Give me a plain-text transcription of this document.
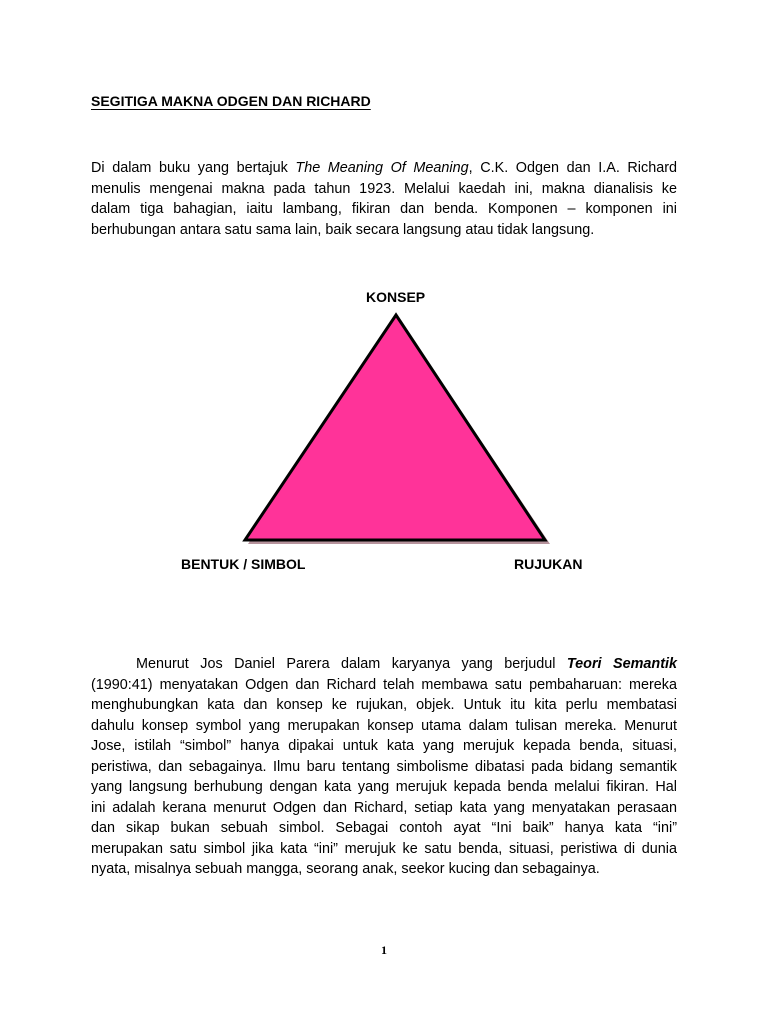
SEGITIGA MAKNA ODGEN DAN RICHARD
Di dalam buku yang bertajuk The Meaning Of Meaning, C.K. Odgen dan I.A. Richard
menulis mengenai makna pada tahun 1923. Melalui kaedah ini, makna dianalisis ke
dalam tiga bahagian, iaitu lambang, fikiran dan benda. Komponen – komponen ini
berhubungan antara satu sama lain, baik secara langsung atau tidak langsung.
KONSEP
BENTUK / SIMBOL	RUJUKAN
Menurut Jos Daniel Parera dalam karyanya yang berjudul Teori Semantik
(1990:41) menyatakan Odgen dan Richard telah membawa satu pembaharuan: mereka
menghubungkan kata dan konsep ke rujukan, objek. Untuk itu kita perlu membatasi
dahulu konsep symbol yang merupakan konsep utama dalam tulisan mereka. Menurut
Jose, istilah “simbol” hanya dipakai untuk kata yang merujuk kepada benda, situasi,
peristiwa, dan sebagainya. Ilmu baru tentang simbolisme dibatasi pada bidang semantik
yang langsung berhubung dengan kata yang merujuk kepada benda melalui fikiran. Hal
ini adalah kerana menurut Odgen dan Richard, setiap kata yang menyatakan perasaan
dan sikap bukan sebuah simbol. Sebagai contoh ayat “Ini baik” hanya kata “ini”
merupakan satu simbol jika kata “ini” merujuk ke satu benda, situasi, peristiwa di dunia
nyata, misalnya sebuah mangga, seorang anak, seekor kucing dan sebagainya.
1
